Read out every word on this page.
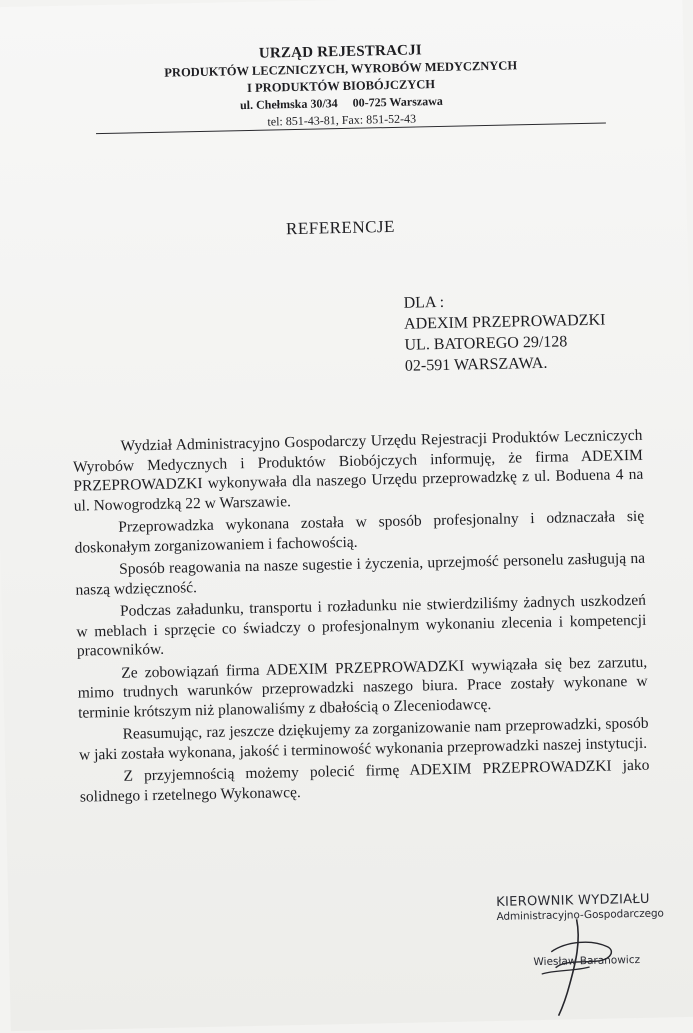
URZĄD REJESTRACJI
PRODUKTÓW LECZNICZYCH, WYROBÓW MEDYCZNYCH
I PRODUKTÓW BIOBÓJCZYCH
ul. Chełmska 30/34     00-725 Warszawa
tel: 851-43-81, Fax: 851-52-43
REFERENCJE
DLA :
ADEXIM PRZEPROWADZKI
UL. BATOREGO 29/128
02-591 WARSZAWA.

Wydział Administracyjno Gospodarczy Urzędu Rejestracji Produktów Leczniczych Wyrobów Medycznych i Produktów Biobójczych informuję, że firma ADEXIM PRZEPROWADZKI wykonywała dla naszego Urzędu przeprowadzkę z ul. Boduena 4 na ul. Nowogrodzką 22 w Warszawie.

Przeprowadzka wykonana została w sposób profesjonalny i odznaczała się doskonałym zorganizowaniem i fachowością.

Sposób reagowania na nasze sugestie i życzenia, uprzejmość personelu zasługują na naszą wdzięczność.

Podczas załadunku, transportu i rozładunku nie stwierdziliśmy żadnych uszkodzeń w meblach i sprzęcie co świadczy o profesjonalnym wykonaniu zlecenia i kompetencji pracowników.

Ze zobowiązań firma ADEXIM PRZEPROWADZKI wywiązała się bez zarzutu, mimo trudnych warunków przeprowadzki naszego biura. Prace zostały wykonane w terminie krótszym niż planowaliśmy z dbałością o Zleceniodawcę.

Reasumując, raz jeszcze dziękujemy za zorganizowanie nam przeprowadzki, sposób w jaki została wykonana, jakość i terminowość wykonania przeprowadzki naszej instytucji.

Z przyjemnością możemy polecić firmę ADEXIM PRZEPROWADZKI jako solidnego i rzetelnego Wykonawcę.

KIEROWNIK WYDZIAŁU
Administracyjno-Gospodarczego
Wiesław Baranowicz
